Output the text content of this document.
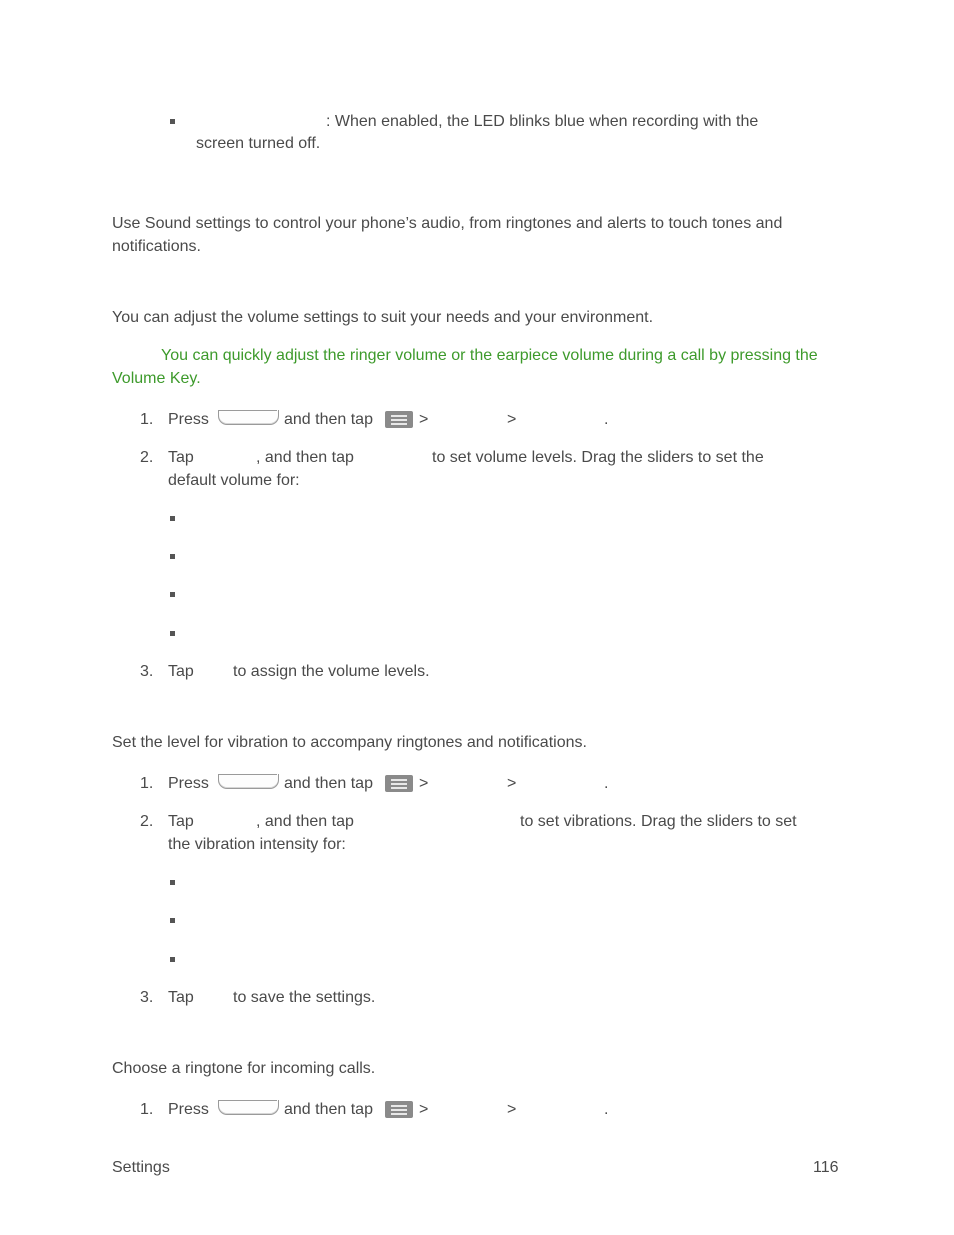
: When enabled, the LED blinks blue when recording with the
screen turned off.
Use Sound settings to control your phone’s audio, from ringtones and alerts to touch tones and notifications.
You can adjust the volume settings to suit your needs and your environment.
You can quickly adjust the ringer volume or the earpiece volume during a call by pressing the Volume Key.
1. Press	and then tap	>	>	.
2. Tap	, and then tap	to set volume levels. Drag the sliders to set the
default volume for:
3. Tap to assign the volume levels.
Set the level for vibration to accompany ringtones and notifications.
1. Press	and then tap	>	>	.
2. Tap	, and then tap	to set vibrations. Drag the sliders to set
the vibration intensity for:
3. Tap to save the settings.
Choose a ringtone for incoming calls.
1. Press	and then tap	>	>	.
Settings	116
